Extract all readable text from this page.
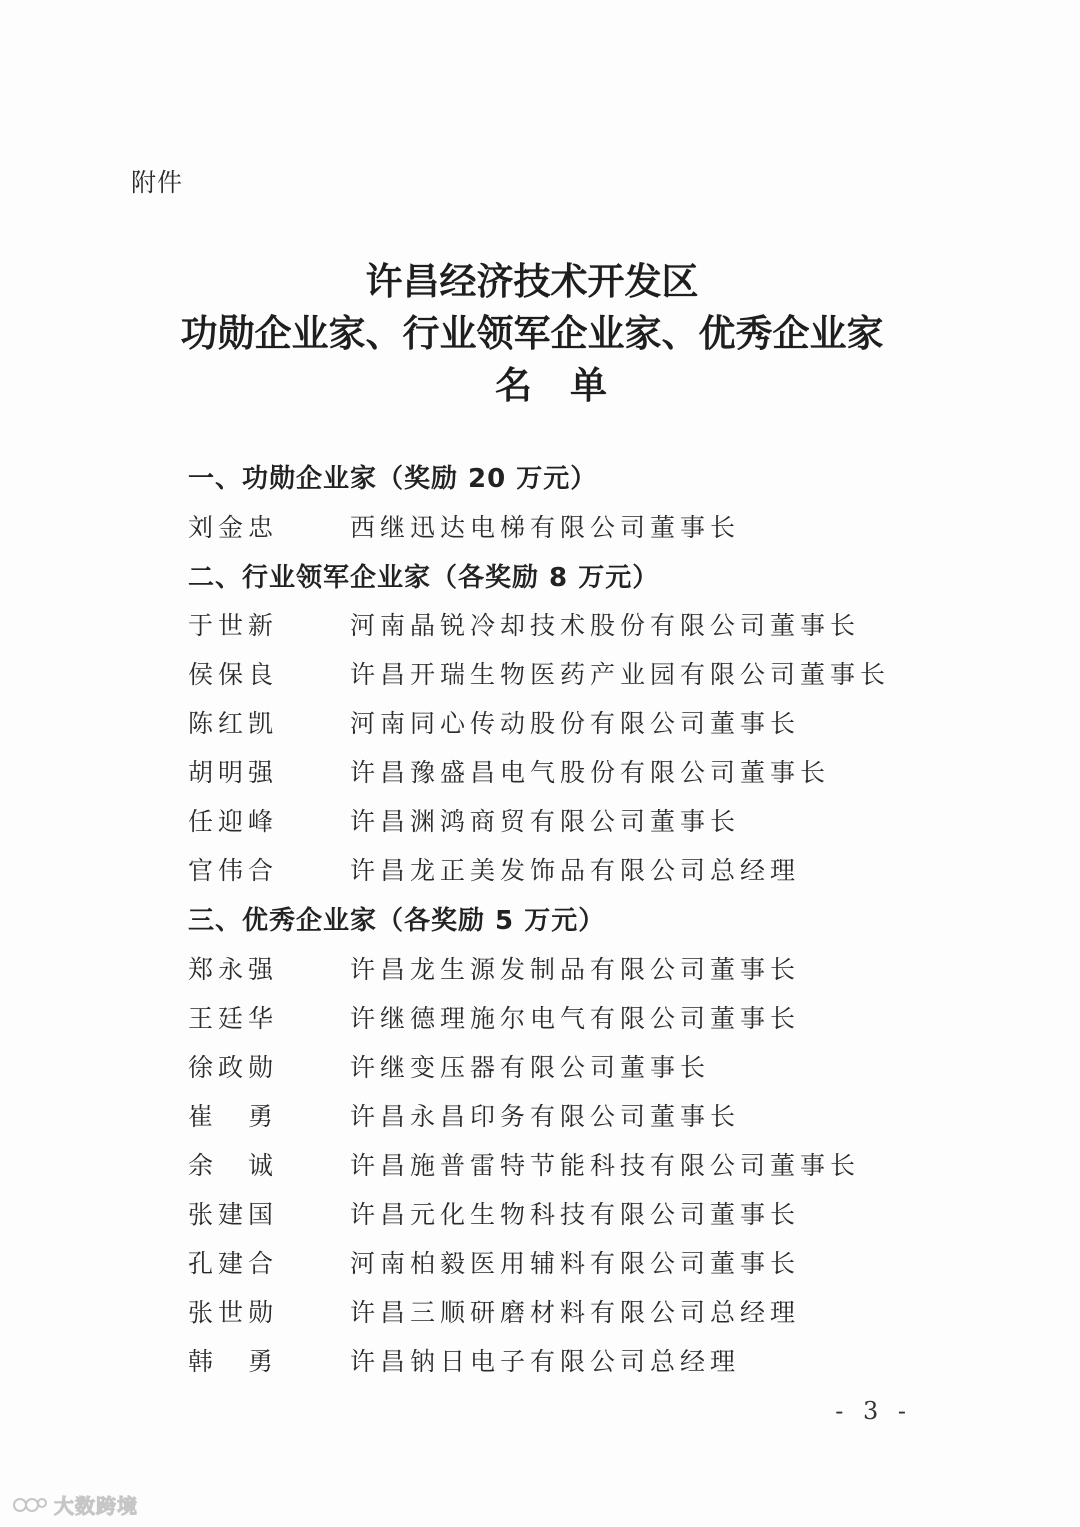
附件
许昌经济技术开发区
功勋企业家、行业领军企业家、优秀企业家
名单
一、功勋企业家（奖励 20 万元）
刘金忠	西继迅达电梯有限公司董事长
二、行业领军企业家（各奖励 8 万元）
于世新	河南晶锐冷却技术股份有限公司董事长
侯保良	许昌开瑞生物医药产业园有限公司董事长
陈红凯	河南同心传动股份有限公司董事长
胡明强	许昌豫盛昌电气股份有限公司董事长
任迎峰	许昌渊鸿商贸有限公司董事长
官伟合	许昌龙正美发饰品有限公司总经理
三、优秀企业家（各奖励 5 万元）
郑永强	许昌龙生源发制品有限公司董事长
王廷华	许继德理施尔电气有限公司董事长
徐政勋	许继变压器有限公司董事长
崔　勇	许昌永昌印务有限公司董事长
余　诚	许昌施普雷特节能科技有限公司董事长
张建国	许昌元化生物科技有限公司董事长
孔建合	河南柏毅医用辅料有限公司董事长
张世勋	许昌三顺研磨材料有限公司总经理
韩　勇	许昌钠日电子有限公司总经理
- 3 -
大数跨境
